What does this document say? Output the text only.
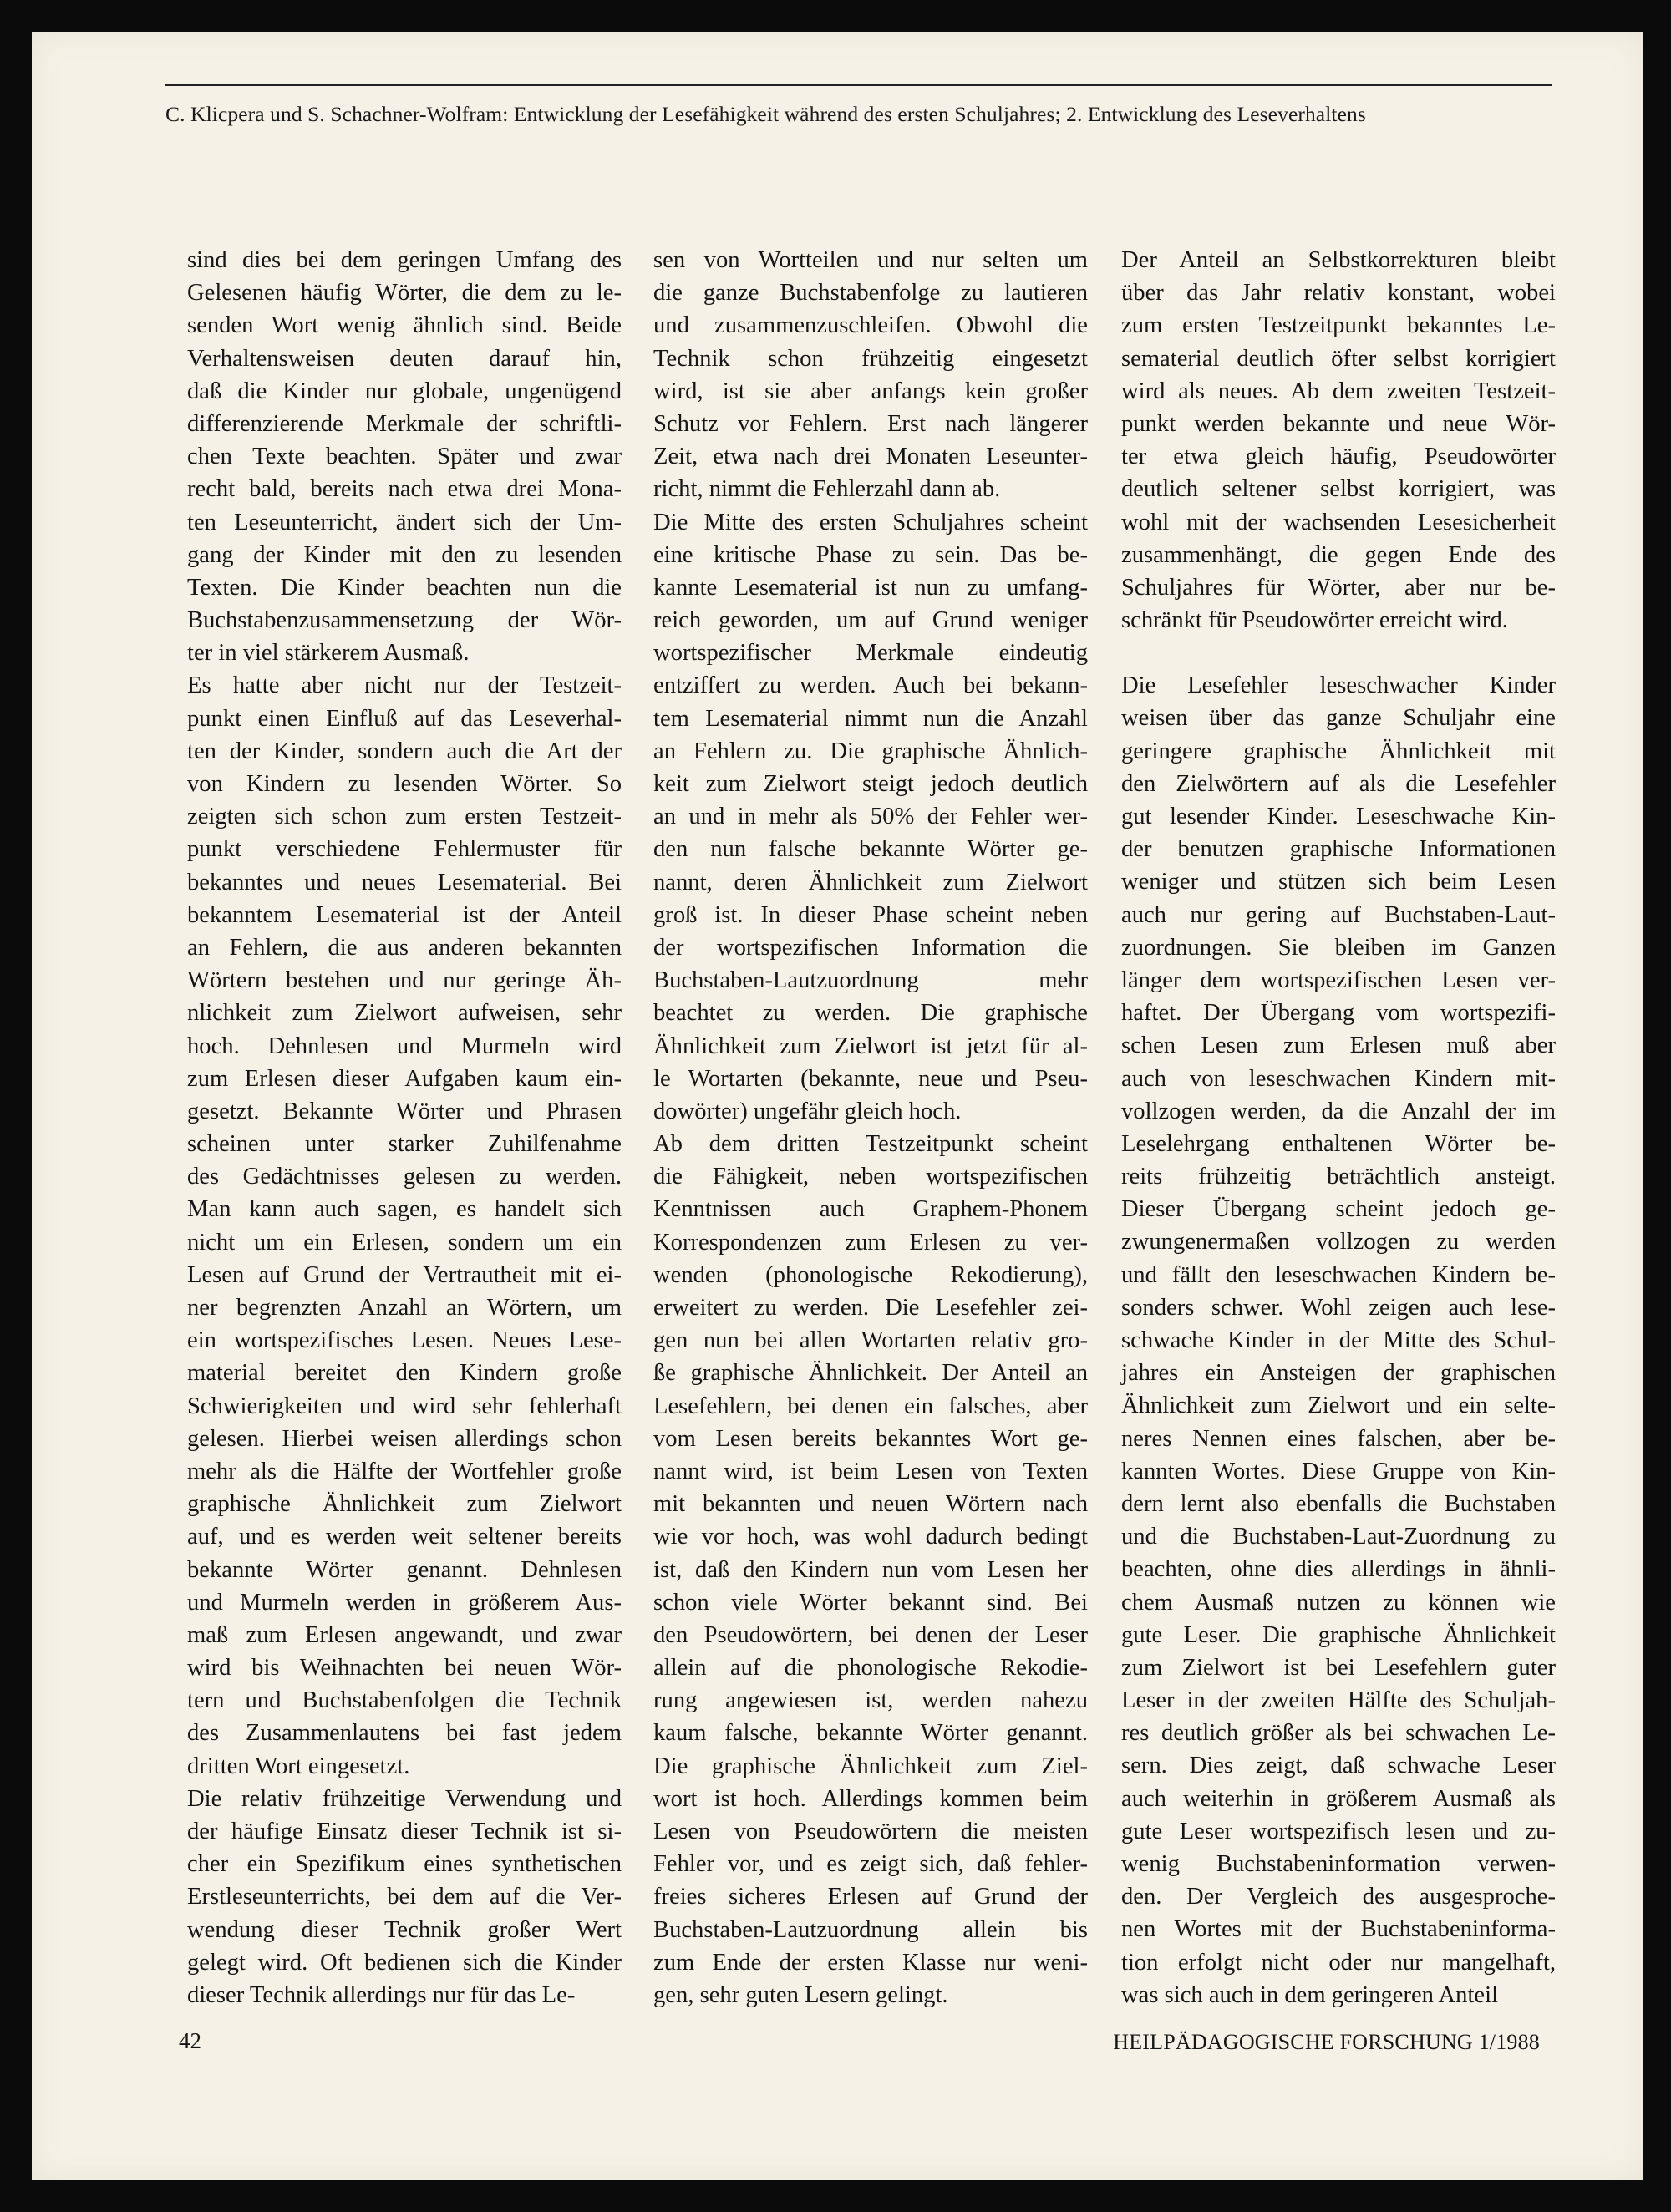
C. Klicpera und S. Schachner-Wolfram: Entwicklung der Lesefähigkeit während des ersten Schuljahres; 2. Entwicklung des Leseverhaltens
sind dies bei dem geringen Umfang des
Gelesenen häufig Wörter, die dem zu le-
senden Wort wenig ähnlich sind. Beide
Verhaltensweisen deuten darauf hin,
daß die Kinder nur globale, ungenügend
differenzierende Merkmale der schriftli-
chen Texte beachten. Später und zwar
recht bald, bereits nach etwa drei Mona-
ten Leseunterricht, ändert sich der Um-
gang der Kinder mit den zu lesenden
Texten. Die Kinder beachten nun die
Buchstabenzusammensetzung der Wör-
ter in viel stärkerem Ausmaß.
Es hatte aber nicht nur der Testzeit-
punkt einen Einfluß auf das Leseverhal-
ten der Kinder, sondern auch die Art der
von Kindern zu lesenden Wörter. So
zeigten sich schon zum ersten Testzeit-
punkt verschiedene Fehlermuster für
bekanntes und neues Lesematerial. Bei
bekanntem Lesematerial ist der Anteil
an Fehlern, die aus anderen bekannten
Wörtern bestehen und nur geringe Äh-
nlichkeit zum Zielwort aufweisen, sehr
hoch. Dehnlesen und Murmeln wird
zum Erlesen dieser Aufgaben kaum ein-
gesetzt. Bekannte Wörter und Phrasen
scheinen unter starker Zuhilfenahme
des Gedächtnisses gelesen zu werden.
Man kann auch sagen, es handelt sich
nicht um ein Erlesen, sondern um ein
Lesen auf Grund der Vertrautheit mit ei-
ner begrenzten Anzahl an Wörtern, um
ein wortspezifisches Lesen. Neues Lese-
material bereitet den Kindern große
Schwierigkeiten und wird sehr fehlerhaft
gelesen. Hierbei weisen allerdings schon
mehr als die Hälfte der Wortfehler große
graphische Ähnlichkeit zum Zielwort
auf, und es werden weit seltener bereits
bekannte Wörter genannt. Dehnlesen
und Murmeln werden in größerem Aus-
maß zum Erlesen angewandt, und zwar
wird bis Weihnachten bei neuen Wör-
tern und Buchstabenfolgen die Technik
des Zusammenlautens bei fast jedem
dritten Wort eingesetzt.
Die relativ frühzeitige Verwendung und
der häufige Einsatz dieser Technik ist si-
cher ein Spezifikum eines synthetischen
Erstleseunterrichts, bei dem auf die Ver-
wendung dieser Technik großer Wert
gelegt wird. Oft bedienen sich die Kinder
dieser Technik allerdings nur für das Le-
sen von Wortteilen und nur selten um
die ganze Buchstabenfolge zu lautieren
und zusammenzuschleifen. Obwohl die
Technik schon frühzeitig eingesetzt
wird, ist sie aber anfangs kein großer
Schutz vor Fehlern. Erst nach längerer
Zeit, etwa nach drei Monaten Leseunter-
richt, nimmt die Fehlerzahl dann ab.
Die Mitte des ersten Schuljahres scheint
eine kritische Phase zu sein. Das be-
kannte Lesematerial ist nun zu umfang-
reich geworden, um auf Grund weniger
wortspezifischer Merkmale eindeutig
entziffert zu werden. Auch bei bekann-
tem Lesematerial nimmt nun die Anzahl
an Fehlern zu. Die graphische Ähnlich-
keit zum Zielwort steigt jedoch deutlich
an und in mehr als 50% der Fehler wer-
den nun falsche bekannte Wörter ge-
nannt, deren Ähnlichkeit zum Zielwort
groß ist. In dieser Phase scheint neben
der wortspezifischen Information die
Buchstaben-Lautzuordnung mehr
beachtet zu werden. Die graphische
Ähnlichkeit zum Zielwort ist jetzt für al-
le Wortarten (bekannte, neue und Pseu-
dowörter) ungefähr gleich hoch.
Ab dem dritten Testzeitpunkt scheint
die Fähigkeit, neben wortspezifischen
Kenntnissen auch Graphem-Phonem
Korrespondenzen zum Erlesen zu ver-
wenden (phonologische Rekodierung),
erweitert zu werden. Die Lesefehler zei-
gen nun bei allen Wortarten relativ gro-
ße graphische Ähnlichkeit. Der Anteil an
Lesefehlern, bei denen ein falsches, aber
vom Lesen bereits bekanntes Wort ge-
nannt wird, ist beim Lesen von Texten
mit bekannten und neuen Wörtern nach
wie vor hoch, was wohl dadurch bedingt
ist, daß den Kindern nun vom Lesen her
schon viele Wörter bekannt sind. Bei
den Pseudowörtern, bei denen der Leser
allein auf die phonologische Rekodie-
rung angewiesen ist, werden nahezu
kaum falsche, bekannte Wörter genannt.
Die graphische Ähnlichkeit zum Ziel-
wort ist hoch. Allerdings kommen beim
Lesen von Pseudowörtern die meisten
Fehler vor, und es zeigt sich, daß fehler-
freies sicheres Erlesen auf Grund der
Buchstaben-Lautzuordnung allein bis
zum Ende der ersten Klasse nur weni-
gen, sehr guten Lesern gelingt.
Der Anteil an Selbstkorrekturen bleibt
über das Jahr relativ konstant, wobei
zum ersten Testzeitpunkt bekanntes Le-
sematerial deutlich öfter selbst korrigiert
wird als neues. Ab dem zweiten Testzeit-
punkt werden bekannte und neue Wör-
ter etwa gleich häufig, Pseudowörter
deutlich seltener selbst korrigiert, was
wohl mit der wachsenden Lesesicherheit
zusammenhängt, die gegen Ende des
Schuljahres für Wörter, aber nur be-
schränkt für Pseudowörter erreicht wird.
Die Lesefehler leseschwacher Kinder
weisen über das ganze Schuljahr eine
geringere graphische Ähnlichkeit mit
den Zielwörtern auf als die Lesefehler
gut lesender Kinder. Leseschwache Kin-
der benutzen graphische Informationen
weniger und stützen sich beim Lesen
auch nur gering auf Buchstaben-Laut-
zuordnungen. Sie bleiben im Ganzen
länger dem wortspezifischen Lesen ver-
haftet. Der Übergang vom wortspezifi-
schen Lesen zum Erlesen muß aber
auch von leseschwachen Kindern mit-
vollzogen werden, da die Anzahl der im
Leselehrgang enthaltenen Wörter be-
reits frühzeitig beträchtlich ansteigt.
Dieser Übergang scheint jedoch ge-
zwungenermaßen vollzogen zu werden
und fällt den leseschwachen Kindern be-
sonders schwer. Wohl zeigen auch lese-
schwache Kinder in der Mitte des Schul-
jahres ein Ansteigen der graphischen
Ähnlichkeit zum Zielwort und ein selte-
neres Nennen eines falschen, aber be-
kannten Wortes. Diese Gruppe von Kin-
dern lernt also ebenfalls die Buchstaben
und die Buchstaben-Laut-Zuordnung zu
beachten, ohne dies allerdings in ähnli-
chem Ausmaß nutzen zu können wie
gute Leser. Die graphische Ähnlichkeit
zum Zielwort ist bei Lesefehlern guter
Leser in der zweiten Hälfte des Schuljah-
res deutlich größer als bei schwachen Le-
sern. Dies zeigt, daß schwache Leser
auch weiterhin in größerem Ausmaß als
gute Leser wortspezifisch lesen und zu-
wenig Buchstabeninformation verwen-
den. Der Vergleich des ausgesproche-
nen Wortes mit der Buchstabeninforma-
tion erfolgt nicht oder nur mangelhaft,
was sich auch in dem geringeren Anteil
42	HEILPÄDAGOGISCHE FORSCHUNG 1/1988
